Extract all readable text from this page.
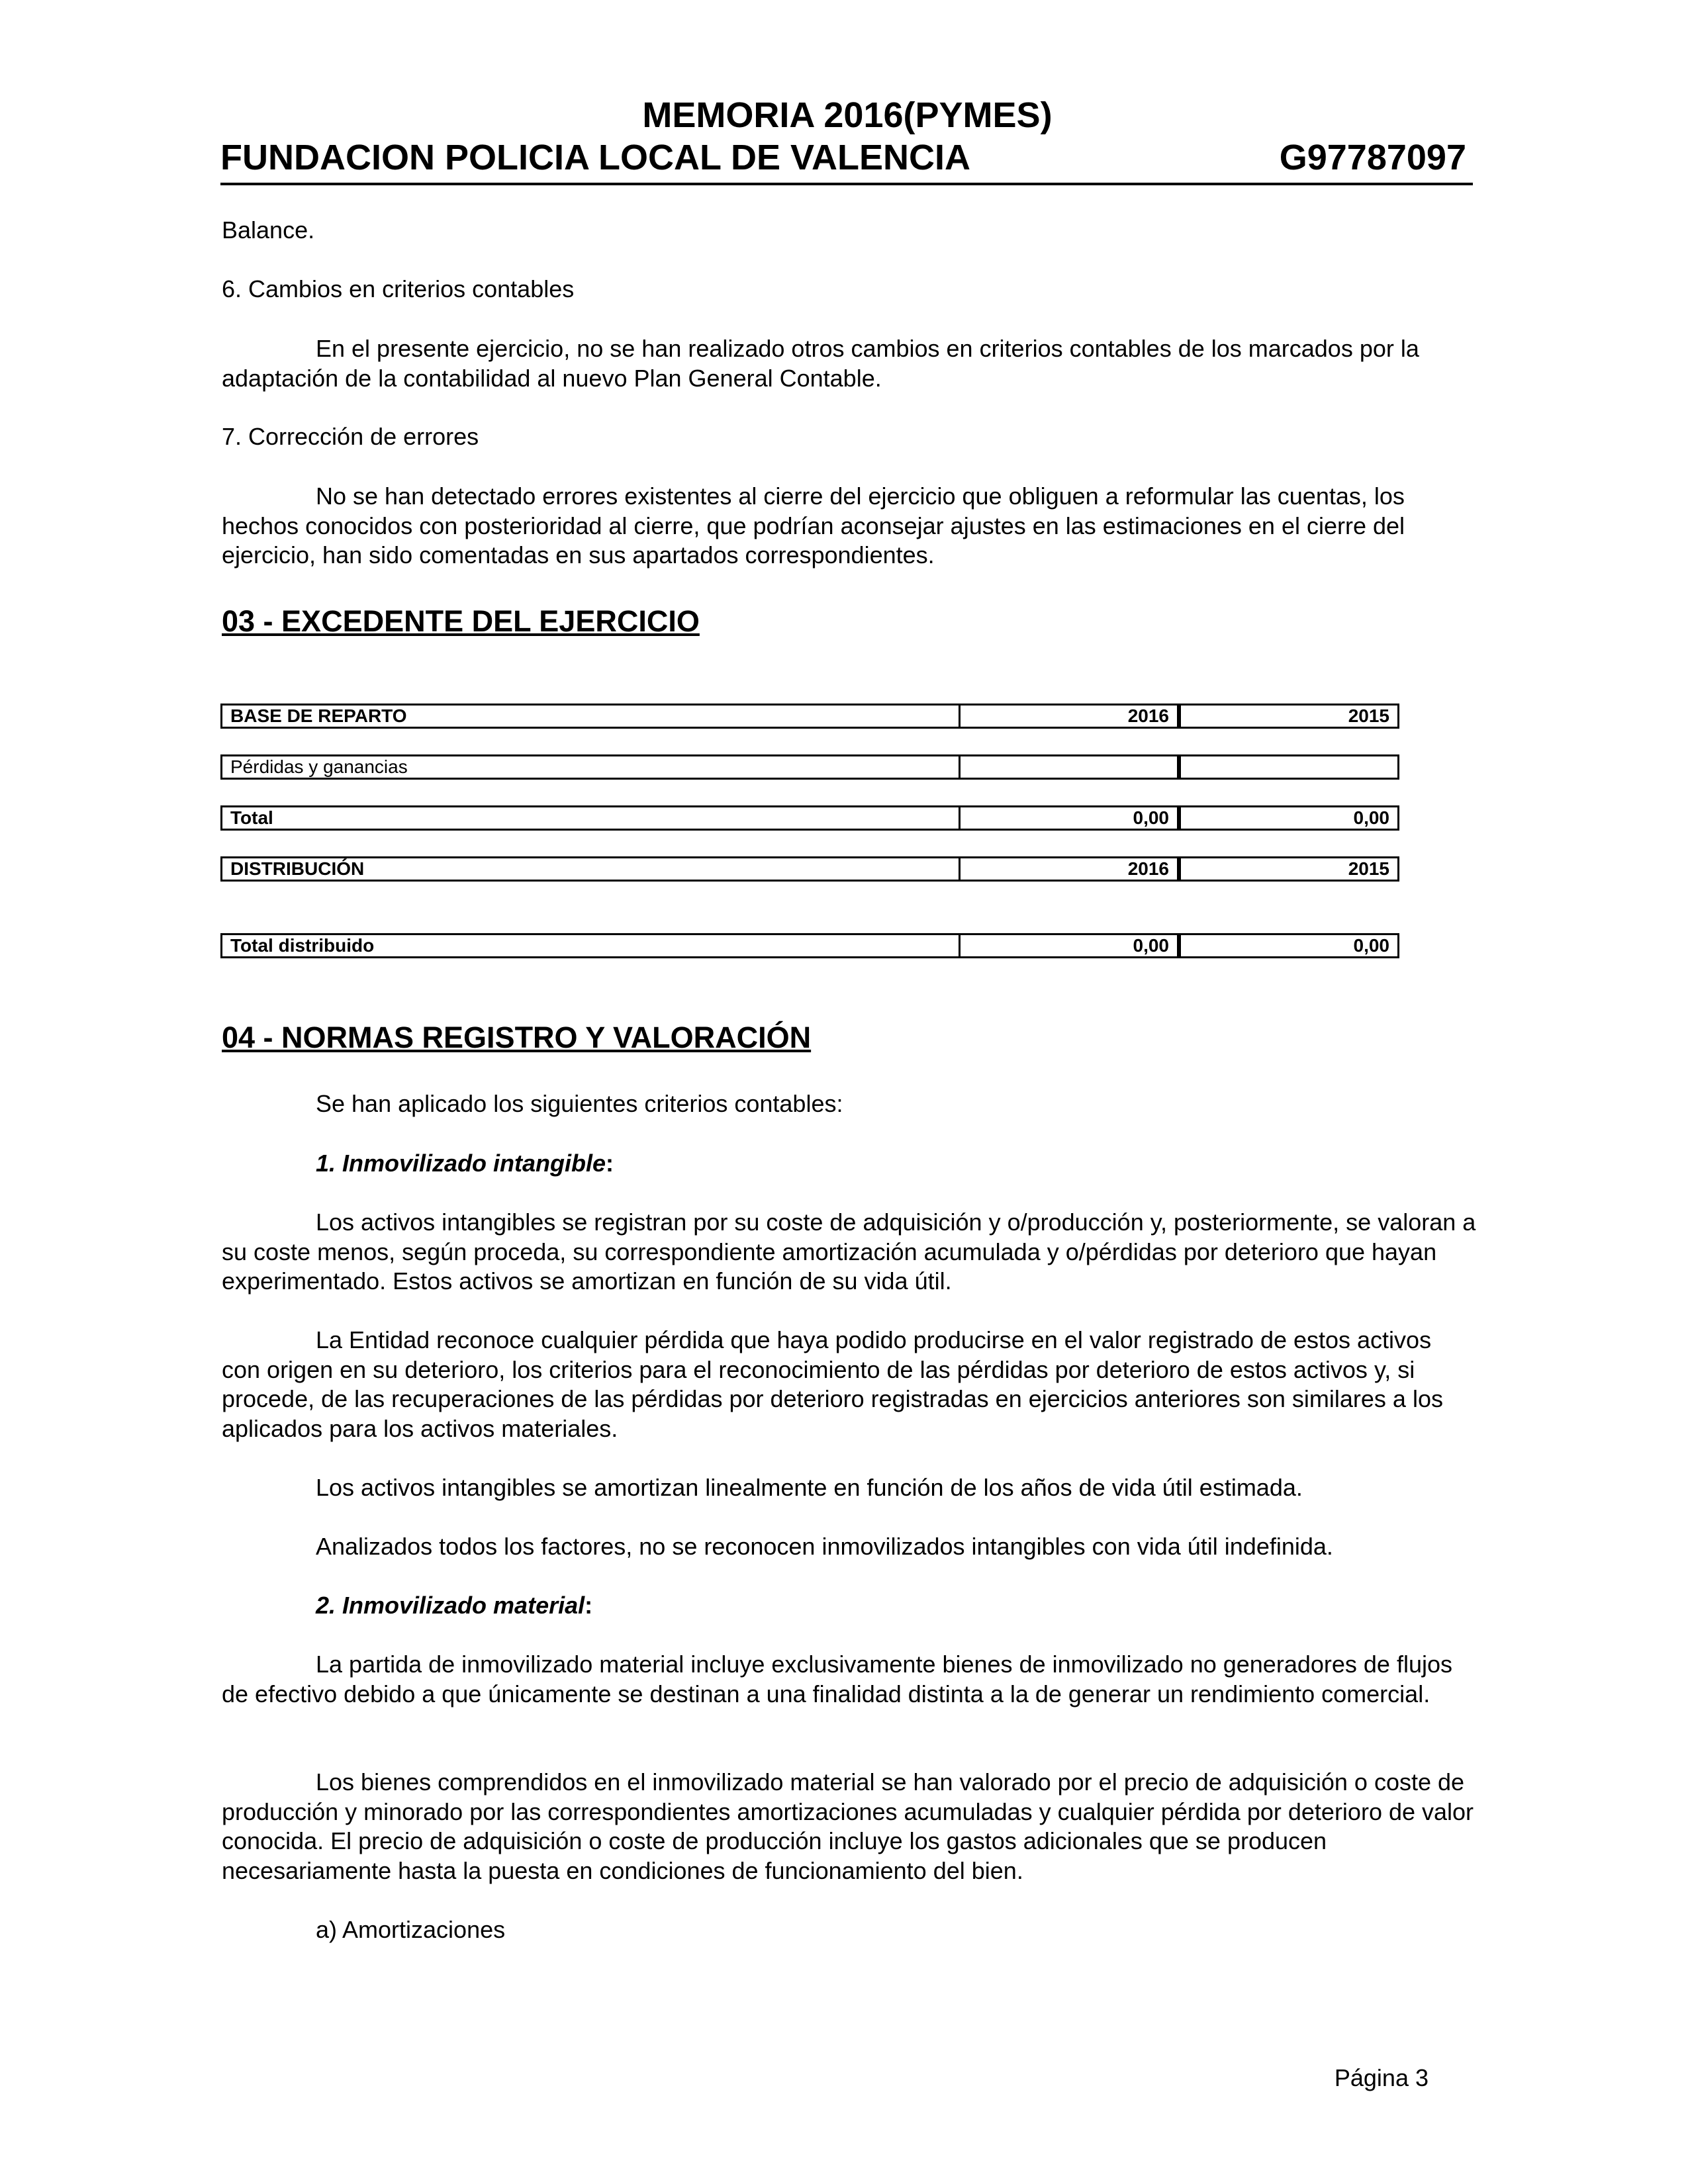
MEMORIA 2016(PYMES)
FUNDACION POLICIA LOCAL DE VALENCIA	G97787097

Balance.

6. Cambios en criterios contables

En el presente ejercicio, no se han realizado otros cambios en criterios contables de los marcados por la adaptación de la contabilidad al nuevo Plan General Contable.

7. Corrección de errores

No se han detectado errores existentes al cierre del ejercicio que obliguen a reformular las cuentas, los hechos conocidos con posterioridad al cierre, que podrían aconsejar ajustes en las estimaciones en el cierre del ejercicio, han sido comentadas en sus apartados correspondientes.

03 - EXCEDENTE DEL EJERCICIO
BASE DE REPARTO	2016	2015
Pérdidas y ganancias
Total	0,00	0,00
DISTRIBUCIÓN	2016	2015
Total distribuido	0,00	0,00
04 - NORMAS REGISTRO Y VALORACIÓN

Se han aplicado los siguientes criterios contables:

1. Inmovilizado intangible:

Los activos intangibles se registran por su coste de adquisición y o/producción y, posteriormente, se valoran a su coste menos, según proceda, su correspondiente amortización acumulada y o/pérdidas por deterioro que hayan experimentado. Estos activos se amortizan en función de su vida útil.

La Entidad reconoce cualquier pérdida que haya podido producirse en el valor registrado de estos activos con origen en su deterioro, los criterios para el reconocimiento de las pérdidas por deterioro de estos activos y, si procede, de las recuperaciones de las pérdidas por deterioro registradas en ejercicios anteriores son similares a los aplicados para los activos materiales.

Los activos intangibles se amortizan linealmente en función de los años de vida útil estimada.

Analizados todos los factores, no se reconocen inmovilizados intangibles con vida útil indefinida.

2. Inmovilizado material:

La partida de inmovilizado material incluye exclusivamente bienes de inmovilizado no generadores de flujos de efectivo debido a que únicamente se destinan a una finalidad distinta a la de generar un rendimiento comercial.

Los bienes comprendidos en el inmovilizado material se han valorado por el precio de adquisición o coste de producción y minorado por las correspondientes amortizaciones acumuladas y cualquier pérdida por deterioro de valor conocida. El precio de adquisición o coste de producción incluye los gastos adicionales que se producen necesariamente hasta la puesta en condiciones de funcionamiento del bien.

a) Amortizaciones

Página 3
